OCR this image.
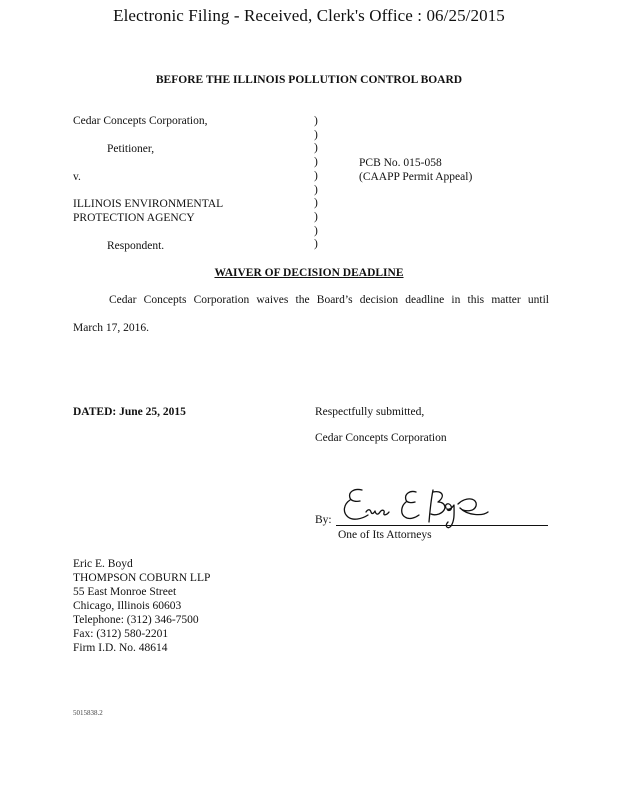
Electronic Filing - Received, Clerk's Office : 06/25/2015
BEFORE THE ILLINOIS POLLUTION CONTROL BOARD
Cedar Concepts Corporation,
Petitioner,
v.
ILLINOIS ENVIRONMENTAL
PROTECTION AGENCY
Respondent.
)
)
)
)
)
)
)
)
)
)
PCB No. 015-058
(CAAPP Permit Appeal)
WAIVER OF DECISION DEADLINE
Cedar Concepts Corporation waives the Board’s decision deadline in this matter until
March 17, 2016.
DATED: June 25, 2015	Respectfully submitted,
Cedar Concepts Corporation
By:
One of Its Attorneys
Eric E. Boyd
THOMPSON COBURN LLP
55 East Monroe Street
Chicago, Illinois 60603
Telephone: (312) 346-7500
Fax: (312) 580-2201
Firm I.D. No. 48614
5015838.2
